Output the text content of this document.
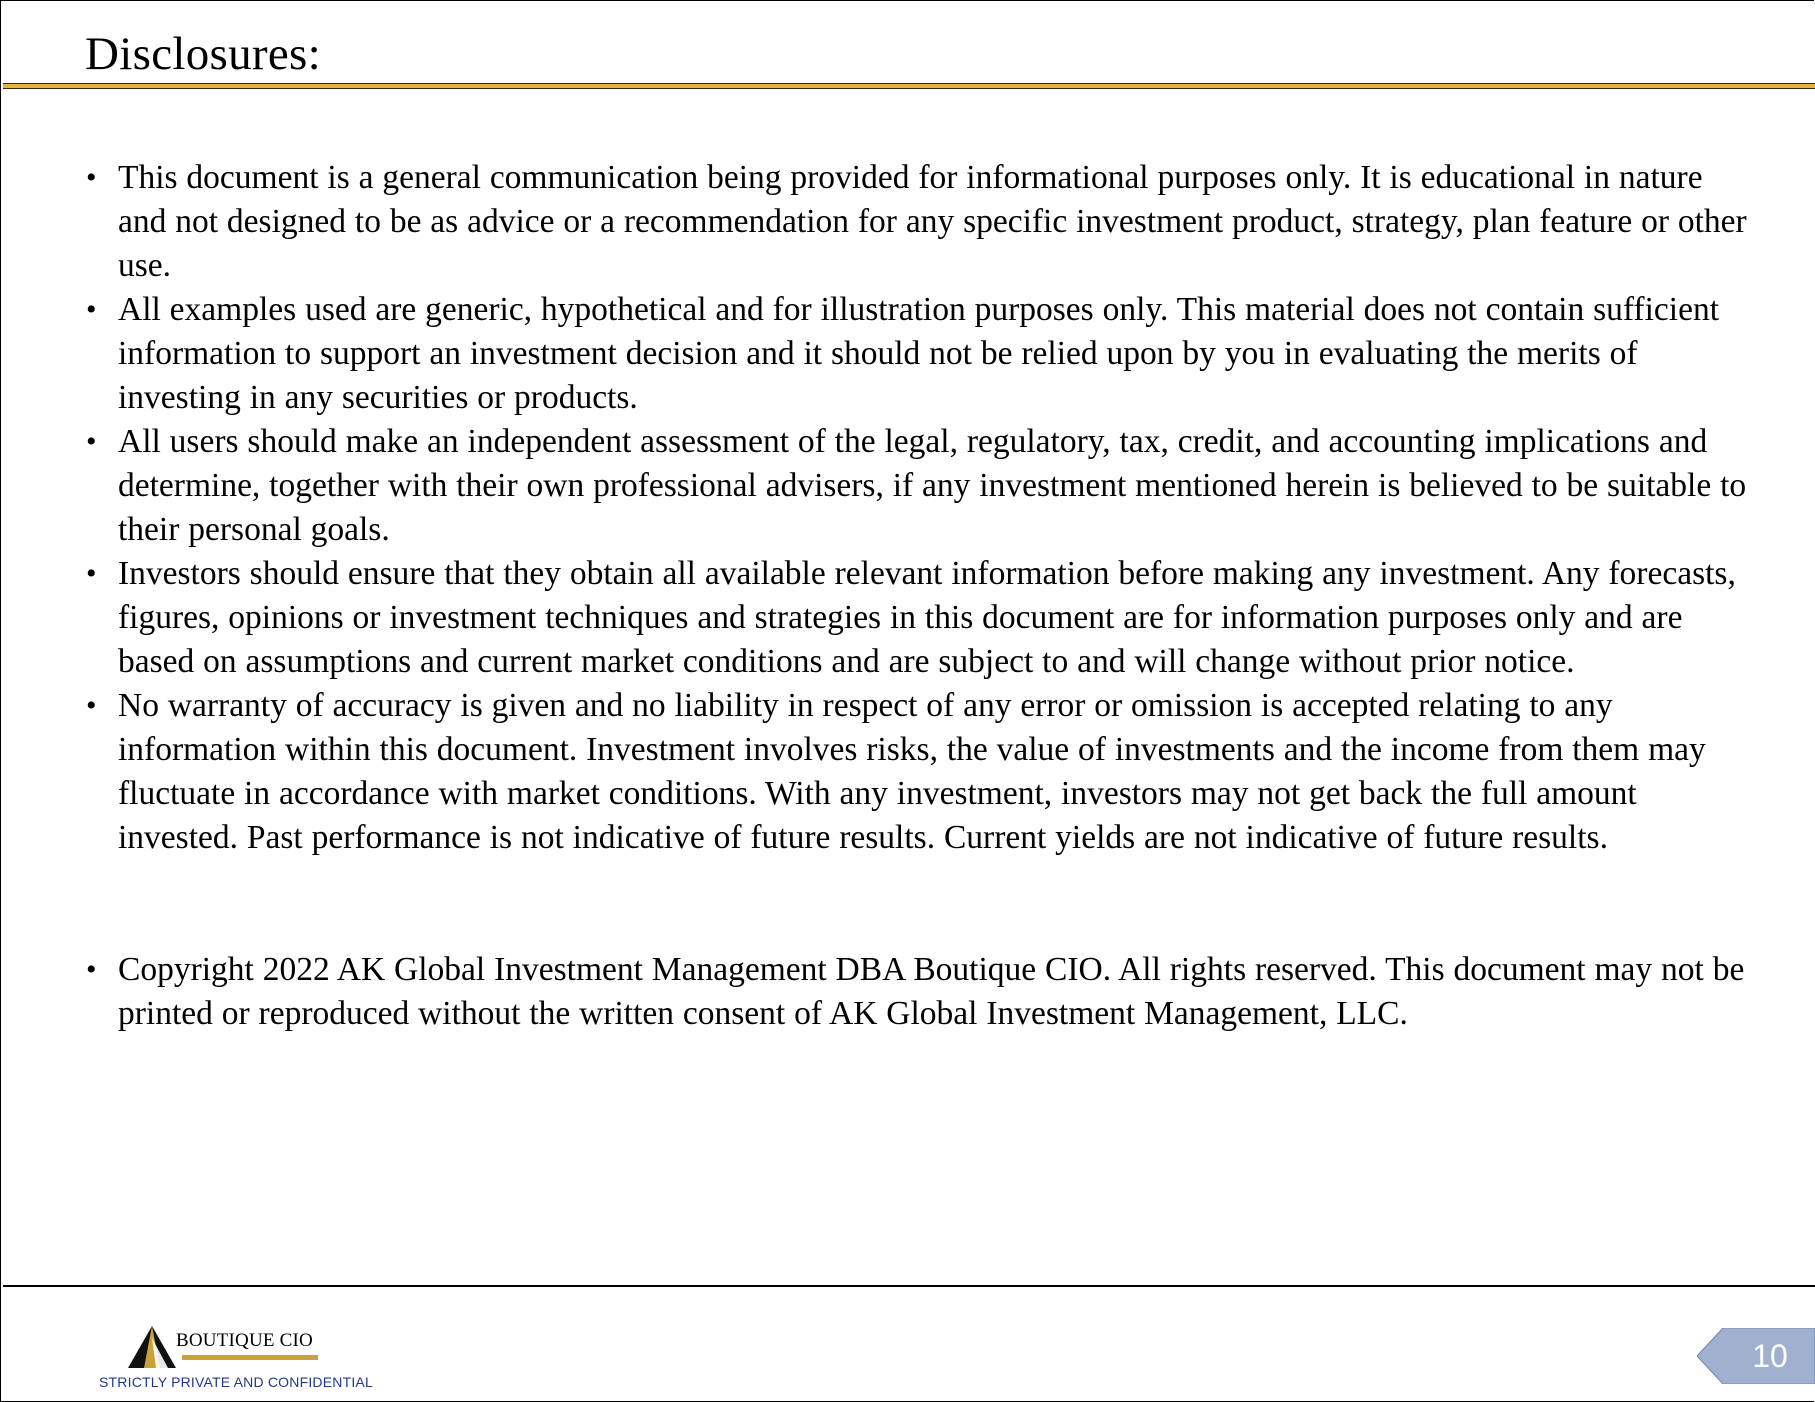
Disclosures:
• This document is a general communication being provided for informational purposes only. It is educational in nature and not designed to be as advice or a recommendation for any specific investment product, strategy, plan feature or other use.
• All examples used are generic, hypothetical and for illustration purposes only. This material does not contain sufficient information to support an investment decision and it should not be relied upon by you in evaluating the merits of investing in any securities or products.
• All users should make an independent assessment of the legal, regulatory, tax, credit, and accounting implications and determine, together with their own professional advisers, if any investment mentioned herein is believed to be suitable to their personal goals.
• Investors should ensure that they obtain all available relevant information before making any investment. Any forecasts, figures, opinions or investment techniques and strategies in this document are for information purposes only and are based on assumptions and current market conditions and are subject to and will change without prior notice.
• No warranty of accuracy is given and no liability in respect of any error or omission is accepted relating to any information within this document. Investment involves risks, the value of investments and the income from them may fluctuate in accordance with market conditions. With any investment, investors may not get back the full amount invested. Past performance is not indicative of future results. Current yields are not indicative of future results.
• Copyright 2022 AK Global Investment Management DBA Boutique CIO. All rights reserved. This document may not be printed or reproduced without the written consent of AK Global Investment Management, LLC.
BOUTIQUE CIO
STRICTLY PRIVATE AND CONFIDENTIAL
10
